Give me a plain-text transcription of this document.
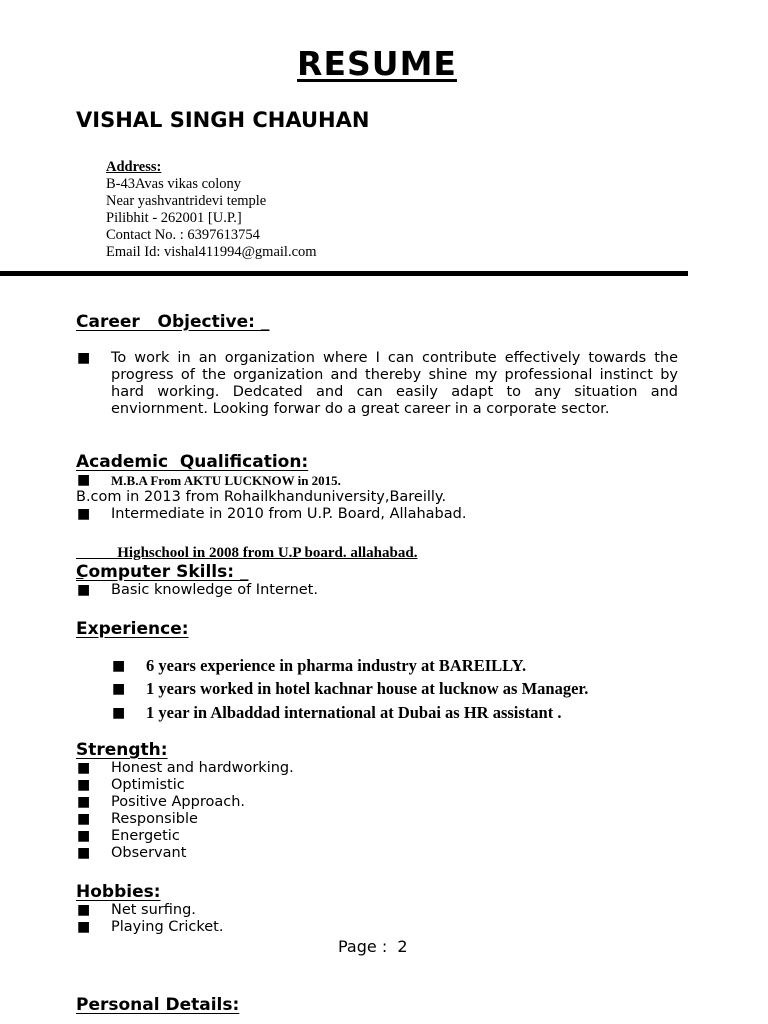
RESUME
VISHAL SINGH CHAUHAN
Address:
B-43Avas vikas colony
Near yashvantridevi temple
Pilibhit - 262001 [U.P.]
Contact No. : 6397613754
Email Id: vishal411994@gmail.com
Career   Objective: _
■ To work in an organization where I can contribute effectively towards the progress of the organization and thereby shine my professional instinct by hard working. Dedcated and can easily adapt to any situation and enviornment. Looking forwar do a great career in a corporate sector.
Academic  Qualification:
■ M.B.A From AKTU LUCKNOW in 2015.
B.com in 2013 from Rohailkhanduniversity,Bareilly.
■ Intermediate in 2010 from U.P. Board, Allahabad.

Highschool in 2008 from U.P board. allahabad.

Computer Skills: _
■ Basic knowledge of Internet.
Experience:
■ 6 years experience in pharma industry at BAREILLY.
■ 1 years worked in hotel kachnar house at lucknow as Manager.
■ 1 year in Albaddad international at Dubai as HR assistant .
Strength:
■ Honest and hardworking.
■ Optimistic
■ Positive Approach.
■ Responsible
■ Energetic
■ Observant
Hobbies:
■ Net surfing.
■ Playing Cricket.
Page :  2
Personal Details:
